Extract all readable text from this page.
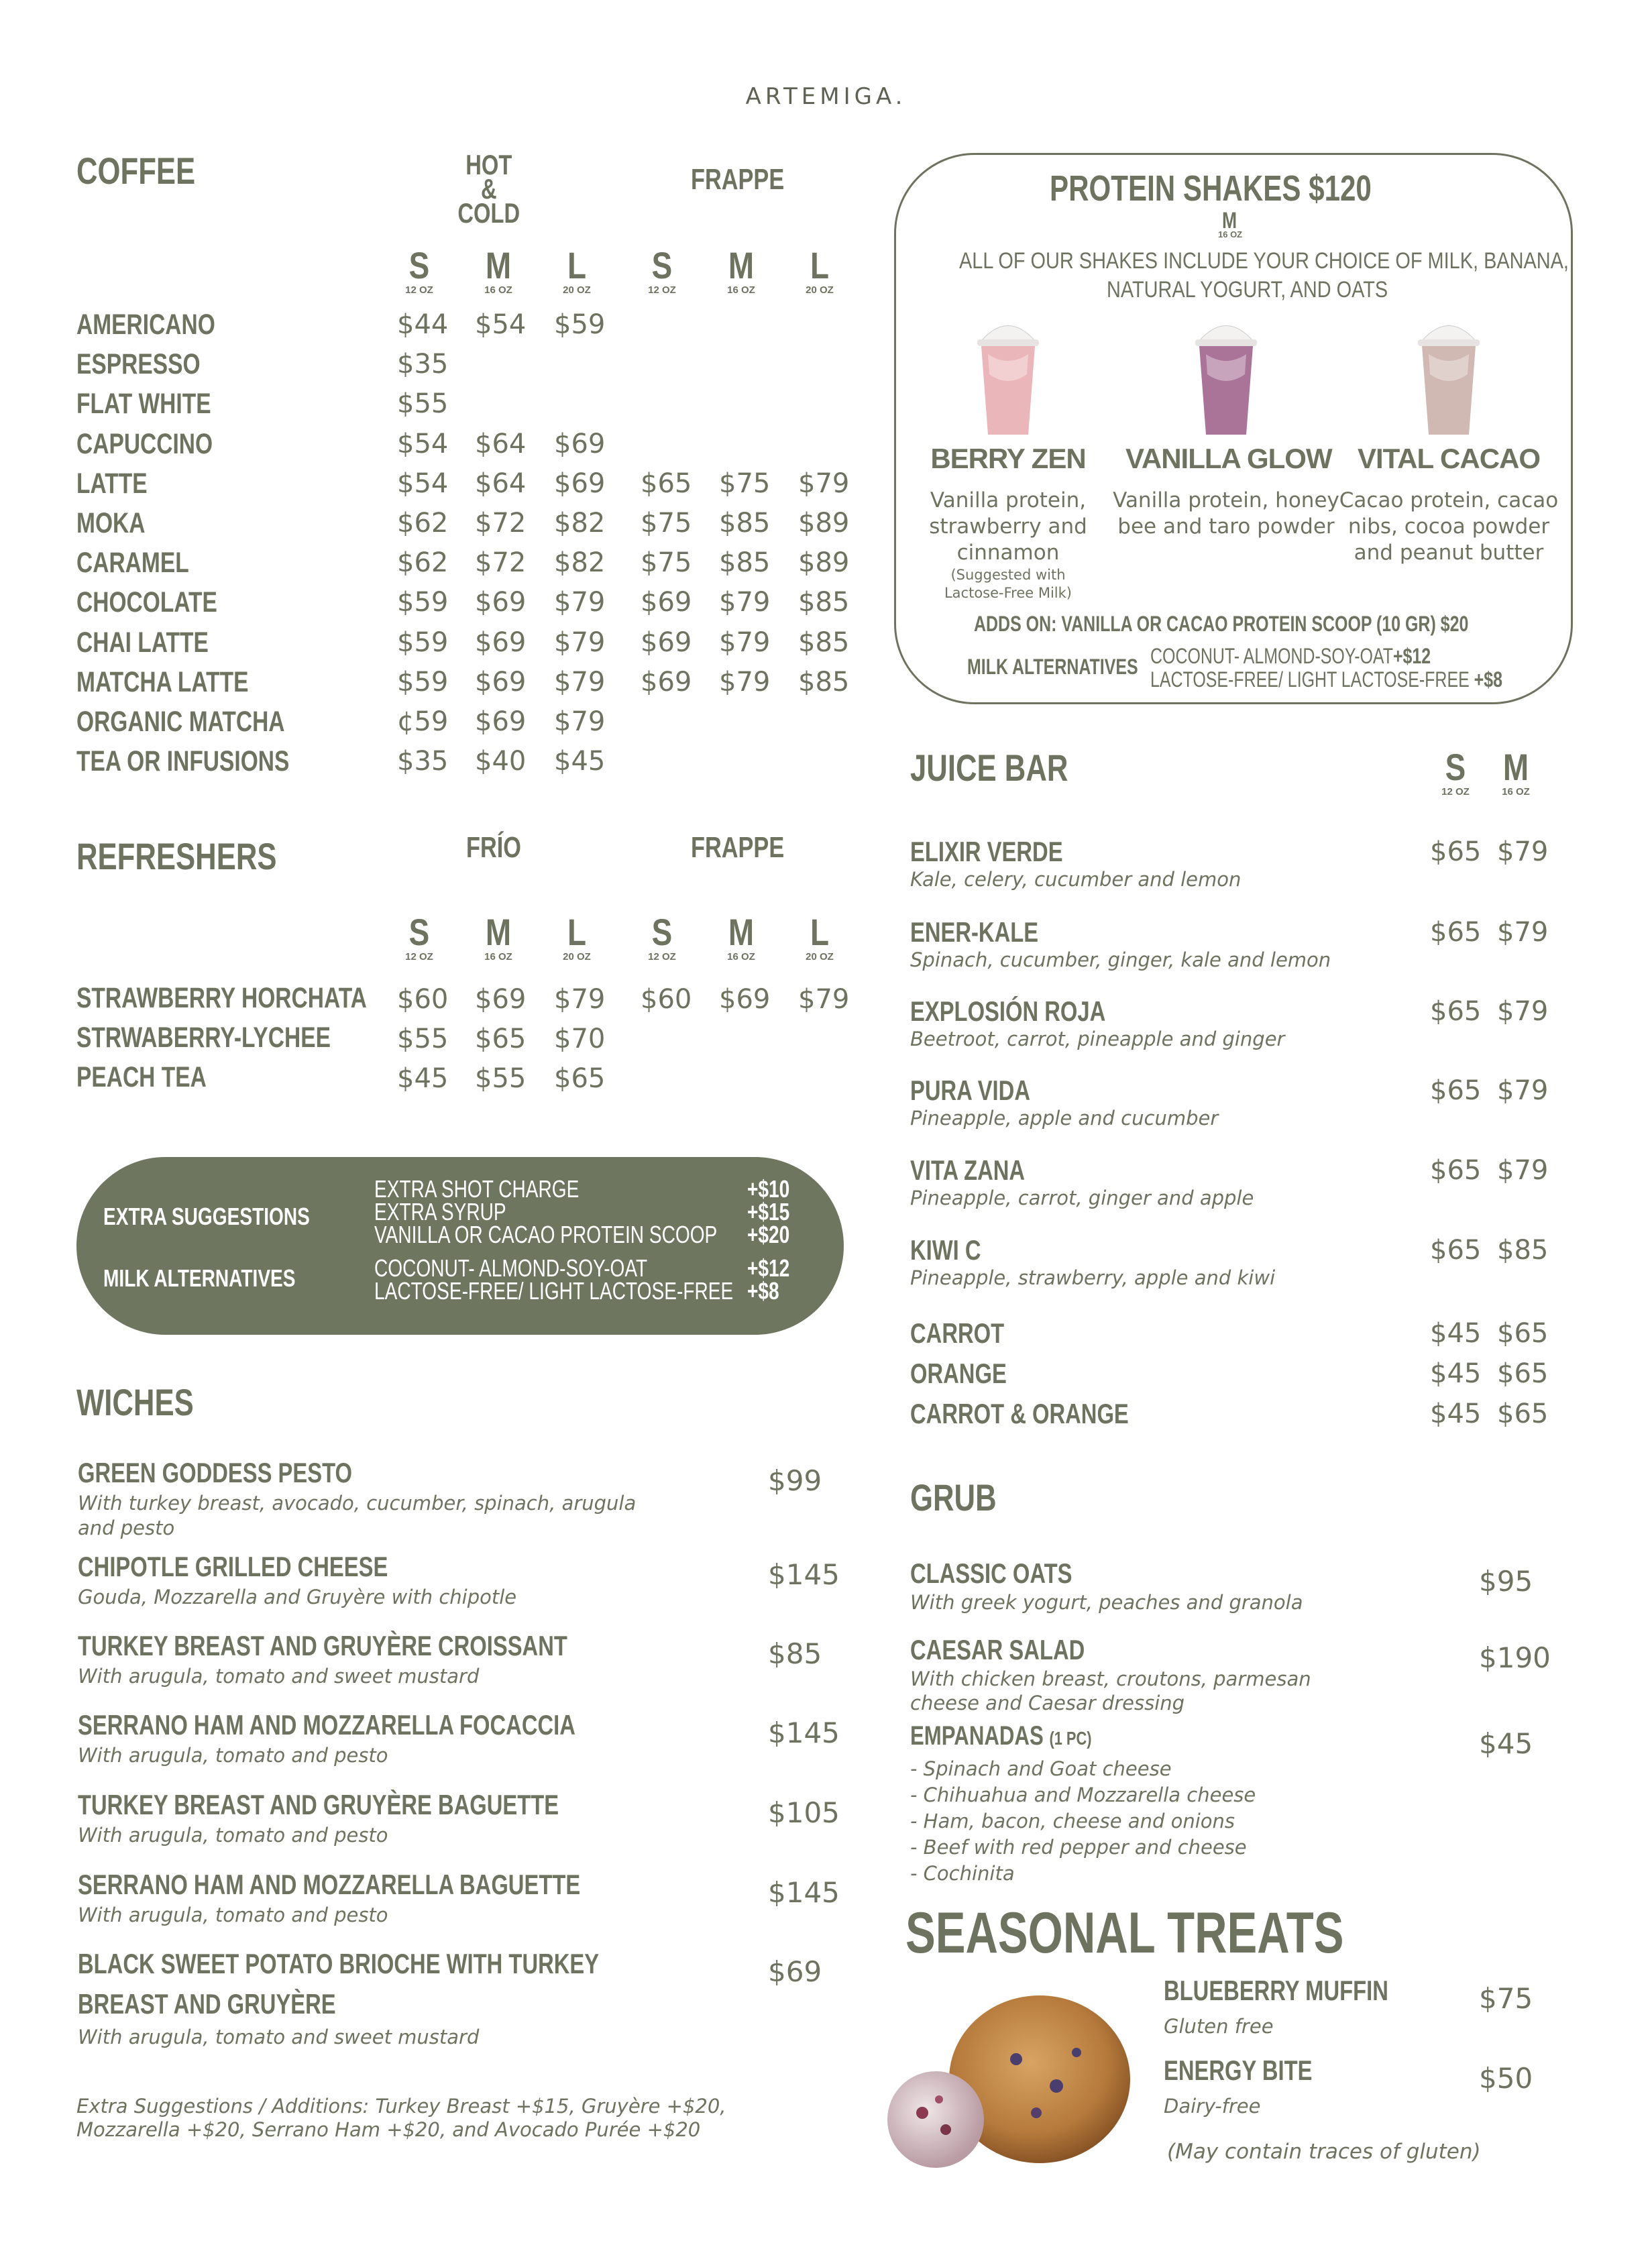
ARTEMIGA.
COFFEE	HOT & COLD
FRAPPE
S
12 OZ
M
16 OZ
L
20 OZ
S
12 OZ
M
16 OZ
L
20 OZ
AMERICANO	$44 $54 $59
ESPRESSO	$35
FLAT WHITE	$55
CAPUCCINO	$54 $64 $69
LATTE	$54 $64 $69 $65 $75 $79
MOKA	$62 $72 $82 $75 $85 $89
CARAMEL	$62 $72 $82 $75 $85 $89
CHOCOLATE	$59 $69 $79 $69 $79 $85
CHAI LATTE	$59 $69 $79 $69 $79 $85
MATCHA LATTE	$59 $69 $79 $69 $79 $85
ORGANIC MATCHA	¢59 $69 $79
TEA OR INFUSIONS	$35 $40 $45
REFRESHERS	FRÍO	FRAPPE
S
12 OZ
M
16 OZ
L
20 OZ
S
12 OZ
M
16 OZ
L
20 OZ
STRAWBERRY HORCHATA $60 $69 $79 $60 $69 $79
STRWABERRY-LYCHEE $55 $65 $70
PEACH TEA	$45 $55 $65
EXTRA SUGGESTIONS
MILK ALTERNATIVES
EXTRA SHOT CHARGE	+$10
EXTRA SYRUP	+$15
VANILLA OR CACAO PROTEIN SCOOP +$20
COCONUT- ALMOND-SOY-OAT	+$12
LACTOSE-FREE/ LIGHT LACTOSE-FREE +$8
WICHES
GREEN GODDESS PESTO
With turkey breast, avocado, cucumber, spinach, arugula
and pesto
$99
CHIPOTLE GRILLED CHEESE
Gouda, Mozzarella and Gruyère with chipotle
$145
TURKEY BREAST AND GRUYÈRE CROISSANT
With arugula, tomato and sweet mustard
$85
SERRANO HAM AND MOZZARELLA FOCACCIA
With arugula, tomato and pesto
$145
TURKEY BREAST AND GRUYÈRE BAGUETTE
With arugula, tomato and pesto
$105
SERRANO HAM AND MOZZARELLA BAGUETTE
With arugula, tomato and pesto
$145
BLACK SWEET POTATO BRIOCHE WITH TURKEY
BREAST AND GRUYÈRE
With arugula, tomato and sweet mustard
$69
Extra Suggestions / Additions: Turkey Breast +$15, Gruyère +$20,
Mozzarella +$20, Serrano Ham +$20, and Avocado Purée +$20
PROTEIN SHAKES $120
M
16 OZ
ALL OF OUR SHAKES INCLUDE YOUR CHOICE OF MILK, BANANA,
NATURAL YOGURT, AND OATS
BERRY ZEN
Vanilla protein,
strawberry and
cinnamon
(Suggested with
Lactose-Free Milk)
VANILLA GLOW
Vanilla protein, honey
bee and taro powder
VITAL CACAO
Cacao protein, cacao
nibs, cocoa powder
and peanut butter
ADDS ON: VANILLA OR CACAO PROTEIN SCOOP (10 GR) $20
MILK ALTERNATIVES COCONUT- ALMOND-SOY-OAT+$12
LACTOSE-FREE/ LIGHT LACTOSE-FREE +$8
JUICE BAR	S
12 OZ
M
16 OZ
ELIXIR VERDE
Kale, celery, cucumber and lemon
$65 $79
ENER-KALE
Spinach, cucumber, ginger, kale and lemon
$65 $79
EXPLOSIÓN ROJA
Beetroot, carrot, pineapple and ginger
$65 $79
PURA VIDA
Pineapple, apple and cucumber
$65 $79
VITA ZANA
Pineapple, carrot, ginger and apple
$65 $79
KIWI C
Pineapple, strawberry, apple and kiwi
$65 $85
CARROT	$45 $65
ORANGE	$45 $65
CARROT & ORANGE	$45 $65
GRUB
CLASSIC OATS
With greek yogurt, peaches and granola
$95
CAESAR SALAD
With chicken breast, croutons, parmesan
cheese and Caesar dressing
$190
EMPANADAS (1 PC)	$45
- Spinach and Goat cheese
- Chihuahua and Mozzarella cheese
- Ham, bacon, cheese and onions
- Beef with red pepper and cheese
- Cochinita
SEASONAL TREATS
BLUEBERRY MUFFIN
Gluten free
$75
ENERGY BITE
Dairy-free
$50
(May contain traces of gluten)
